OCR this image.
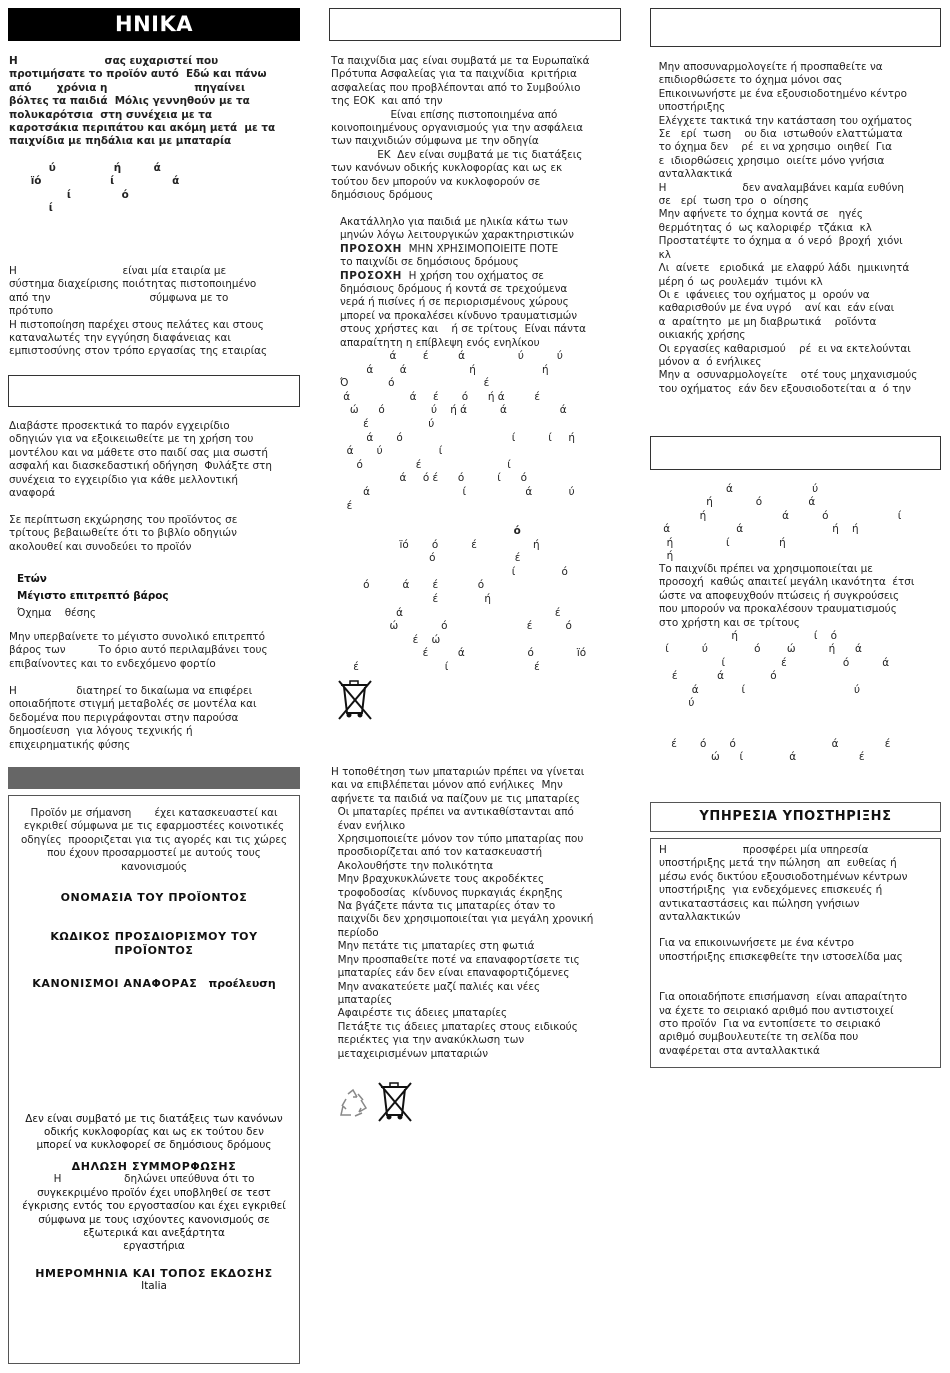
ΗΝΙΚΑ

Η                        σας ευχαριστεί που

προτιμήσατε το προϊόν αυτό  Εδώ και πάνω

από       χρόνια η                        πηγαίνει

βόλτες τα παιδιά  Μόλις γεννηθούν με τα

πολυκαρότσια  στη συνέχεια με τα

καροτσάκια περιπάτου και ακόμη μετά  με τα

παιχνίδια με πηδάλια και με μπαταρία

ύ                ή         ά

ïό                   ί                ά

ί              ό

ί

Η                                είναι μία εταιρία με

σύστημα διαχείρισης ποιότητας πιστοποιημένο

από την                              σύμφωνα με το

πρότυπο

Η πιστοποίηση παρέχει στους πελάτες και στους

καταναλωτές την εγγύηση διαφάνειας και

εμπιστοσύνης στον τρόπο εργασίας της εταιρίας

Διαβάστε προσεκτικά το παρόν εγχειρίδιο

οδηγιών για να εξοικειωθείτε με τη χρήση του

μοντέλου και να μάθετε στο παιδί σας μια σωστή

ασφαλή και διασκεδαστική οδήγηση  Φυλάξτε στη

συνέχεια το εγχειρίδιο για κάθε μελλοντική

αναφορά

Σε περίπτωση εκχώρησης του προϊόντος σε

τρίτους βεβαιωθείτε ότι το βιβλίο οδηγιών

ακολουθεί και συνοδεύει το προϊόν

Ετών

Μέγιστο επιτρεπτό βάρος

Όχημα    θέσης

Μην υπερβαίνετε το μέγιστο συνολικό επιτρεπτό

βάρος των          Το όριο αυτό περιλαμβάνει τους

επιβαίνοντες και το ενδεχόμενο φορτίο

Η                  διατηρεί το δικαίωμα να επιφέρει

οποιαδήποτε στιγμή μεταβολές σε μοντέλα και

δεδομένα που περιγράφονται στην παρούσα

δημοσίευση  για λόγους τεχνικής ή

επιχειρηματικής φύσης

Προϊόν με σήμανση       έχει κατασκευαστεί και

εγκριθεί σύμφωνα με τις εφαρμοστέες κοινοτικές

οδηγίες  προοριζεται για τις αγορές και τις χώρες

που έχουν προσαρμοστεί με αυτούς τους

κανονισμούς

ΟΝΟΜΑΣΙΑ ΤΟΥ ΠΡΟΪΟΝΤΟΣ

ΚΩΔΙΚΟΣ ΠΡΟΣΔΙΟΡΙΣΜΟΥ ΤΟΥ

ΠΡΟΪΟΝΤΟΣ

ΚΑΝΟΝΙΣΜΟΙ ΑΝΑΦΟΡΑΣ προέλευση

Δεν είναι συμβατό με τις διατάξεις των κανόνων

οδικής κυκλοφορίας και ως εκ τούτου δεν

μπορεί να κυκλοφορεί σε δημόσιους δρόμους

ΔΗΛΩΣΗ ΣΥΜΜΟΡΦΩΣΗΣ

Η                   δηλώνει υπεύθυνα ότι το

συγκεκριμένο προϊόν έχει υποβληθεί σε τεστ

έγκρισης εντός του εργοστασίου και έχει εγκριθεί

σύμφωνα με τους ισχύοντες κανονισμούς σε

εξωτερικά και ανεξάρτητα

εργαστήρια

ΗΜΕΡΟΜΗΝΙΑ ΚΑΙ ΤΟΠΟΣ ΕΚΔΟΣΗΣ

Italia

Τα παιχνίδια μας είναι συμβατά με τα Ευρωπαϊκά

Πρότυπα Ασφαλείας για τα παιχνίδια  κριτήρια

ασφαλείας που προβλέπονται από το Συμβούλιο

της ΕΟΚ  και από την

Είναι επίσης πιστοποιημένα από

κοινοποιημένους οργανισμούς για την ασφάλεια

των παιχνιδιών σύμφωνα με την οδηγία

ΕΚ  Δεν είναι συμβατά με τις διατάξεις

των κανόνων οδικής κυκλοφορίας και ως εκ

τούτου δεν μπορούν να κυκλοφορούν σε

δημόσιους δρόμους

Ακατάλληλο για παιδιά με ηλικία κάτω των

μηνών λόγω λειτουργικών χαρακτηριστικών

ΠΡΟΣΟΧΗ  ΜΗΝ ΧΡΗΣΙΜΟΠΟΙΕΙΤΕ ΠΟΤΕ

το παιχνίδι σε δημόσιους δρόμους

ΠΡΟΣΟΧΗ  Η χρήση του οχήματος σε

δημόσιους δρόμους ή κοντά σε τρεχούμενα

νερά ή πισίνες ή σε περιορισμένους χώρους

μπορεί να προκαλέσει κίνδυνο τραυματισμών

στους χρήστες και    ή σε τρίτους  Είναι πάντα

απαραίτητη η επίβλεψη ενός ενηλίκου

ά        έ         ά                ύ          ύ

ά        ά                   ή                    ή

Ό            ό                           έ

ά                  ά     έ       ό      ή ά         έ

ώ      ό              ύ    ή ά          ά                ά

έ                  ύ

ά       ό                                 ί          ί     ή

ά       ύ                 ί

ό                έ                          ί

ά     ό έ      ό          ί      ό

ά                            ί                  ά           ύ

έ

ό

ïό       ό          έ                 ή

ό                        έ

ί              ό

ό          ά       έ            ό

έ              ή

ά                                              έ

ώ             ό                        έ          ό

έ    ώ

έ         ά                   ό             ïό

έ                          ί                          έ

Η τοποθέτηση των μπαταριών πρέπει να γίνεται

και να επιβλέπεται μόνον από ενήλικες  Μην

αφήνετε τα παιδιά να παίζουν με τις μπαταρίες

Οι μπαταρίες πρέπει να αντικαθίστανται από

έναν ενήλικο

Χρησιμοποιείτε μόνον τον τύπο μπαταρίας που

προσδιορίζεται από τον κατασκευαστή

Ακολουθήστε την πολικότητα

Μην βραχυκυκλώνετε τους ακροδέκτες

τροφοδοσίας  κίνδυνος πυρκαγιάς έκρηξης

Να βγάζετε πάντα τις μπαταρίες όταν το

παιχνίδι δεν χρησιμοποιείται για μεγάλη χρονική

περίοδο

Μην πετάτε τις μπαταρίες στη φωτιά

Μην προσπαθείτε ποτέ να επαναφορτίσετε τις

μπαταρίες εάν δεν είναι επαναφορτιζόμενες

Μην ανακατεύετε μαζί παλιές και νέες

μπαταρίες

Αφαιρέστε τις άδειες μπαταρίες

Πετάξτε τις άδειες μπαταρίες στους ειδικούς

περιέκτες για την ανακύκλωση των

μεταχειρισμένων μπαταριών

Μην αποσυναρμολογείτε ή προσπαθείτε να

επιδιορθώσετε το όχημα μόνοι σας

Επικοινωνήστε με ένα εξουσιοδοτημένο κέντρο

υποστήριξης

Ελέγχετε τακτικά την κατάσταση του οχήματος

Σε   ερί  τωση    ου δια  ιστωθούν ελαττώματα

το όχημα δεν    ρέ  ει να χρησιμο  οιηθεί  Για

ε  ιδιορθώσεις χρησιμο  οιείτε μόνο γνήσια

ανταλλακτικά

Η                       δεν αναλαμβάνει καμία ευθύνη

σε   ερί  τωση τρο  ο  οίησης

Μην αφήνετε το όχημα κοντά σε   ηγές

θερμότητας ό  ως καλοριφέρ  τζάκια  κλ

Προστατέψτε το όχημα α  ό νερό  βροχή  χιόνι

κλ

Λι  αίνετε   εριοδικά  με ελαφρύ λάδι  ημικινητά

μέρη ό  ως ρουλεμάν  τιμόνι κλ

Οι ε  ιφάνειες του οχήματος μ  ορούν να

καθαρισθούν με ένα υγρό    ανί και  εάν είναι

α  αραίτητο  με μη διαβρωτικά    ροϊόντα

οικιακής χρήσης

Οι εργασίες καθαρισμού    ρέ  ει να εκτελούνται

μόνον α  ό ενήλικες

Μην α  οσυναρμολογείτε    οτέ τους μηχανισμούς

του οχήματος  εάν δεν εξουσιοδοτείται α  ό την

ά                        ύ

ή             ό              ά

ή                       ά          ό                     ί

ά                    ά                           ή    ή

ή                ί               ή

ή

Το παιχνίδι πρέπει να χρησιμοποιείται με

προσοχή  καθώς απαιτεί μεγάλη ικανότητα  έτσι

ώστε να αποφευχθούν πτώσεις ή συγκρούσεις

που μπορούν να προκαλέσουν τραυματισμούς

στο χρήστη και σε τρίτους

ή                       ί    ό

ί          ύ              ό        ώ          ή      ά

ί                 έ                 ό          ά

έ            ά              ό

ά             ί                                 ύ

ύ

έ       ό       ό                             ά              έ

ώ      ί              ά                   έ

ΥΠΗΡΕΣΙΑ ΥΠΟΣΤΗΡΙΞΗΣ

Η                       προσφέρει μία υπηρεσία

υποστήριξης μετά την πώληση  απ  ευθείας ή

μέσω ενός δικτύου εξουσιοδοτημένων κέντρων

υποστήριξης  για ενδεχόμενες επισκευές ή

αντικαταστάσεις και πώληση γνήσιων

ανταλλακτικών

Για να επικοινωνήσετε με ένα κέντρο

υποστήριξης επισκεφθείτε την ιστοσελίδα μας

Για οποιαδήποτε επισήμανση  είναι απαραίτητο

να έχετε το σειριακό αριθμό που αντιστοιχεί

στο προϊόν  Για να εντοπίσετε το σειριακό

αριθμό συμβουλευτείτε τη σελίδα που

αναφέρεται στα ανταλλακτικά
